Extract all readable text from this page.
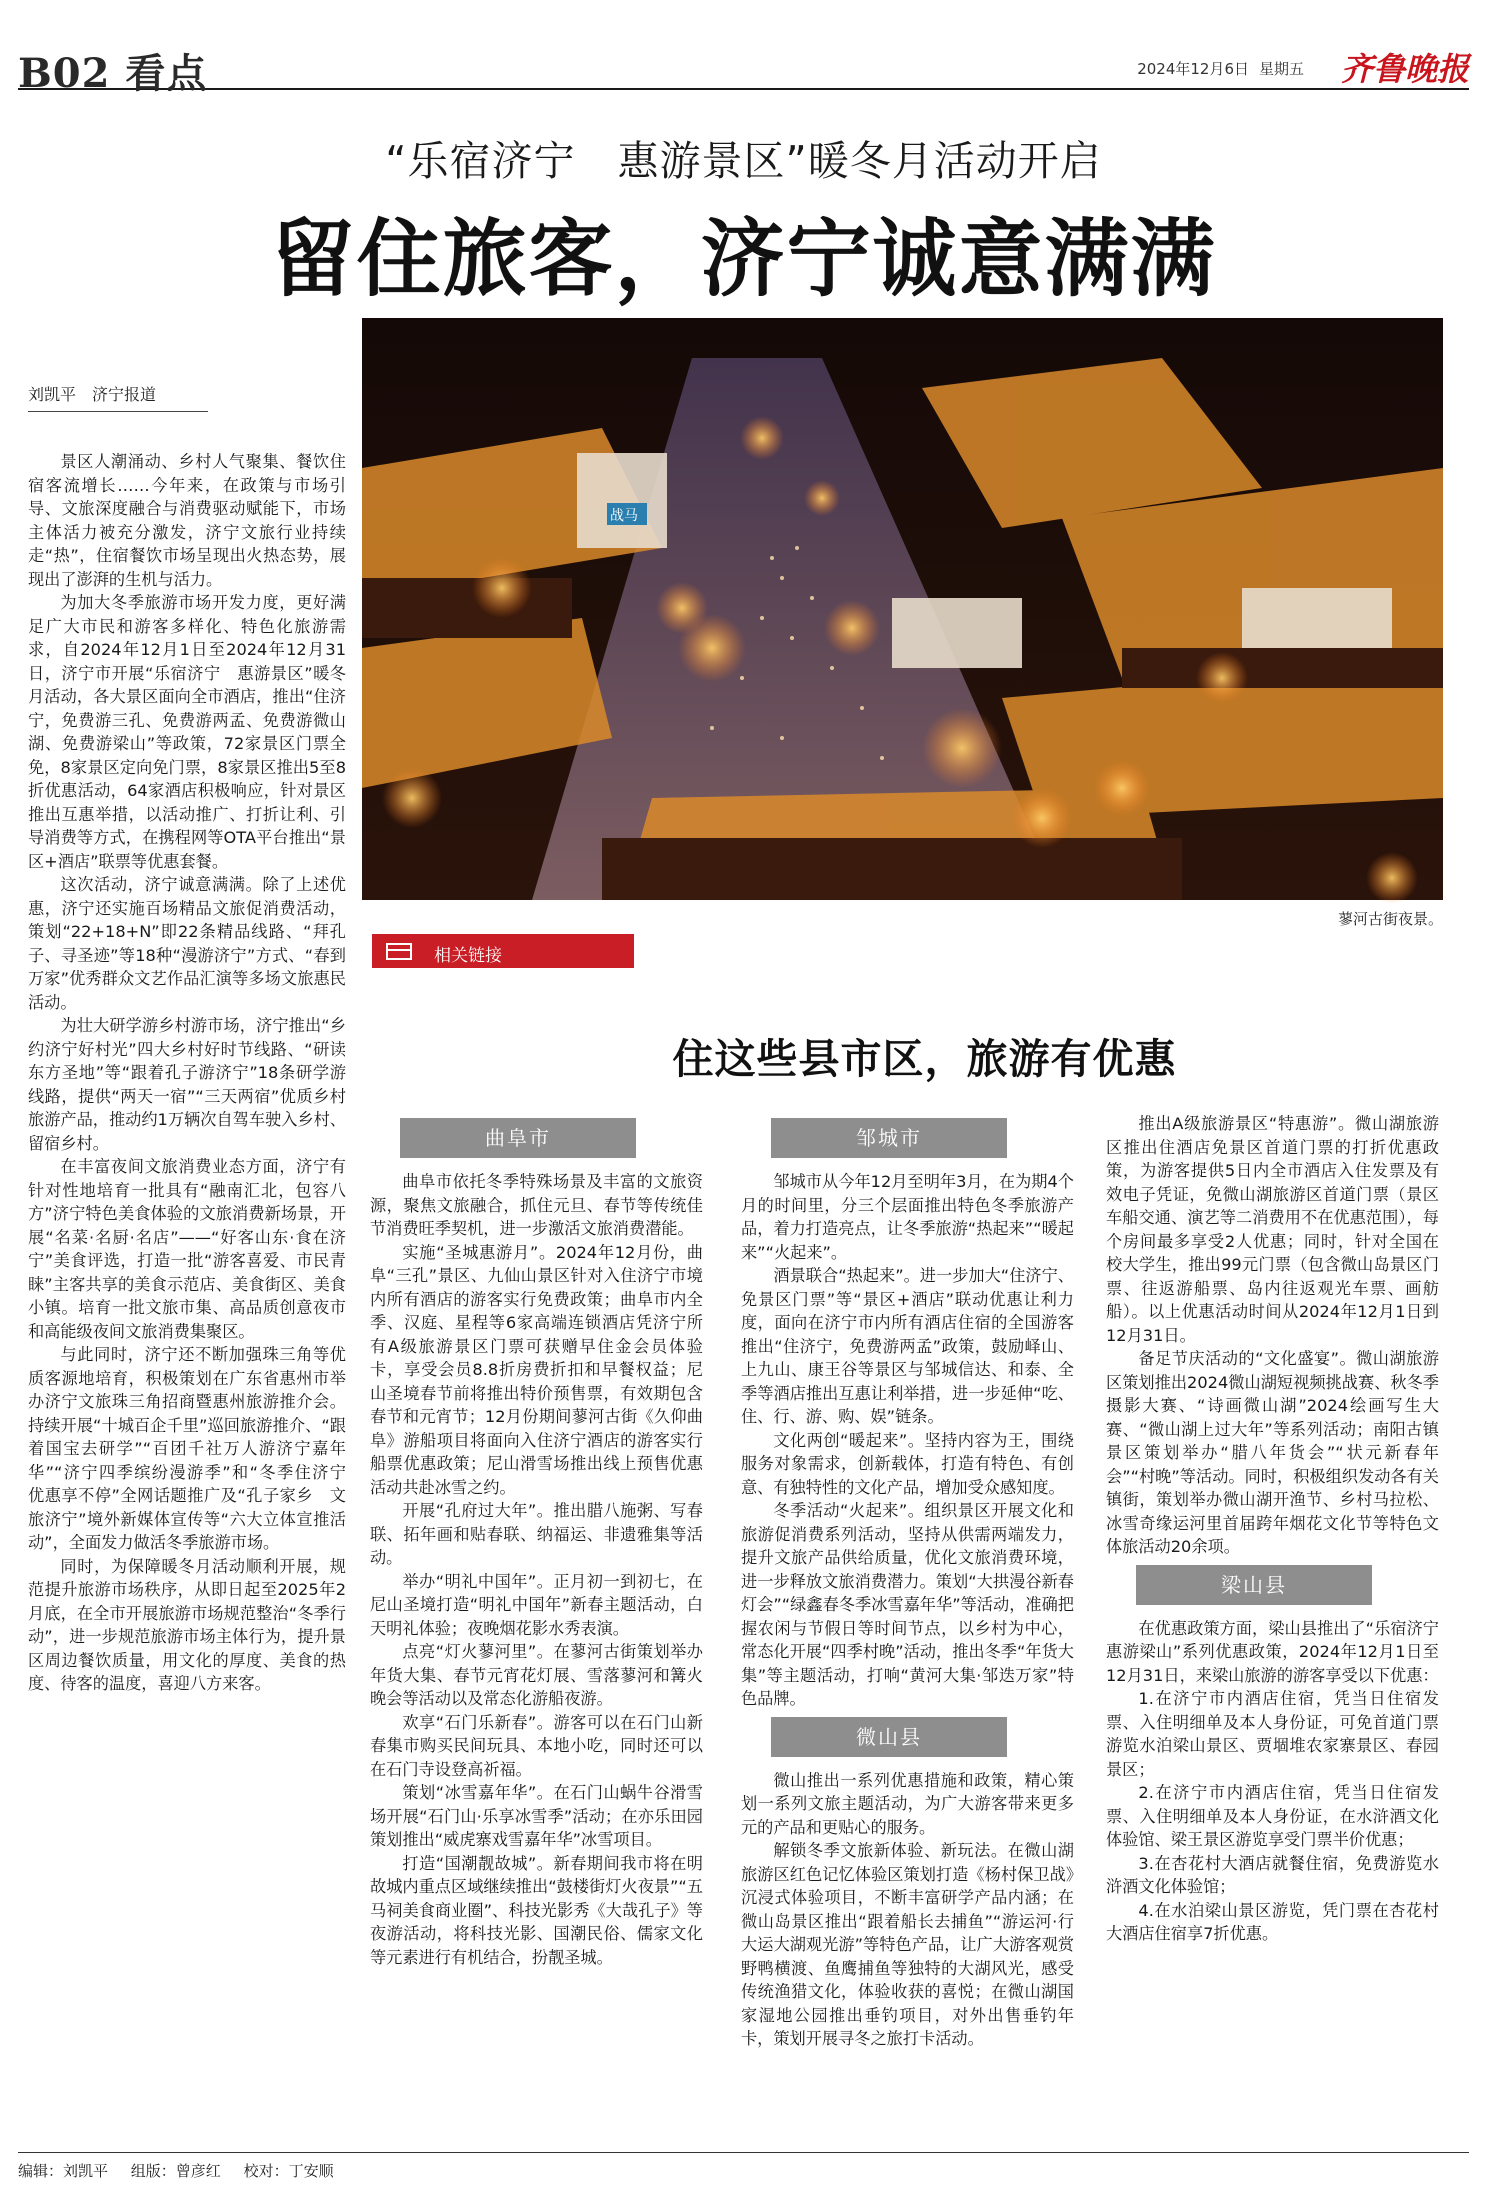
B02 看点	2024年12月6日 星期五 齐鲁晚报
“乐宿济宁　惠游景区”暖冬月活动开启
留住旅客，济宁诚意满满
刘凯平　济宁报道

景区人潮涌动、乡村人气聚集、餐饮住宿客流增长……今年来，在政策与市场引导、文旅深度融合与消费驱动赋能下，市场主体活力被充分激发，济宁文旅行业持续走“热”，住宿餐饮市场呈现出火热态势，展现出了澎湃的生机与活力。

为加大冬季旅游市场开发力度，更好满足广大市民和游客多样化、特色化旅游需求，自2024年12月1日至2024年12月31日，济宁市开展“乐宿济宁　惠游景区”暖冬月活动，各大景区面向全市酒店，推出“住济宁，免费游三孔、免费游两孟、免费游微山湖、免费游梁山”等政策，72家景区门票全免，8家景区定向免门票，8家景区推出5至8折优惠活动，64家酒店积极响应，针对景区推出互惠举措，以活动推广、打折让利、引导消费等方式，在携程网等OTA平台推出“景区+酒店”联票等优惠套餐。

这次活动，济宁诚意满满。除了上述优惠，济宁还实施百场精品文旅促消费活动，策划“22+18+N”即22条精品线路、“拜孔子、寻圣迹”等18种“漫游济宁”方式、“春到万家”优秀群众文艺作品汇演等多场文旅惠民活动。

为壮大研学游乡村游市场，济宁推出“乡约济宁好村光”四大乡村好时节线路、“研读东方圣地”等“跟着孔子游济宁”18条研学游线路，提供“两天一宿”“三天两宿”优质乡村旅游产品，推动约1万辆次自驾车驶入乡村、留宿乡村。

在丰富夜间文旅消费业态方面，济宁有针对性地培育一批具有“融南汇北，包容八方”济宁特色美食体验的文旅消费新场景，开展“名菜·名厨·名店”——“好客山东·食在济宁”美食评选，打造一批“游客喜爱、市民青睐”主客共享的美食示范店、美食街区、美食小镇。培育一批文旅市集、高品质创意夜市和高能级夜间文旅消费集聚区。

与此同时，济宁还不断加强珠三角等优质客源地培育，积极策划在广东省惠州市举办济宁文旅珠三角招商暨惠州旅游推介会。持续开展“十城百企千里”巡回旅游推介、“跟着国宝去研学”“百团千社万人游济宁嘉年华”“济宁四季缤纷漫游季”和“冬季住济宁　优惠享不停”全网话题推广及“孔子家乡　文旅济宁”境外新媒体宣传等“六大立体宣推活动”，全面发力做活冬季旅游市场。

同时，为保障暖冬月活动顺利开展，规范提升旅游市场秩序，从即日起至2025年2月底，在全市开展旅游市场规范整治“冬季行动”，进一步规范旅游市场主体行为，提升景区周边餐饮质量，用文化的厚度、美食的热度、待客的温度，喜迎八方来客。

战马
蓼河古街夜景。
相关链接
住这些县市区，旅游有优惠
曲阜市

曲阜市依托冬季特殊场景及丰富的文旅资源，聚焦文旅融合，抓住元旦、春节等传统佳节消费旺季契机，进一步激活文旅消费潜能。

实施“圣城惠游月”。2024年12月份，曲阜“三孔”景区、九仙山景区针对入住济宁市境内所有酒店的游客实行免费政策；曲阜市内全季、汉庭、星程等6家高端连锁酒店凭济宁所有A级旅游景区门票可获赠早住金会员体验卡，享受会员8.8折房费折扣和早餐权益；尼山圣境春节前将推出特价预售票，有效期包含春节和元宵节；12月份期间蓼河古街《久仰曲阜》游船项目将面向入住济宁酒店的游客实行船票优惠政策；尼山滑雪场推出线上预售优惠活动共赴冰雪之约。

开展“孔府过大年”。推出腊八施粥、写春联、拓年画和贴春联、纳福运、非遗雅集等活动。

举办“明礼中国年”。正月初一到初七，在尼山圣境打造“明礼中国年”新春主题活动，白天明礼体验；夜晚烟花影水秀表演。

点亮“灯火蓼河里”。在蓼河古街策划举办年货大集、春节元宵花灯展、雪落蓼河和篝火晚会等活动以及常态化游船夜游。

欢享“石门乐新春”。游客可以在石门山新春集市购买民间玩具、本地小吃，同时还可以在石门寺设登高祈福。

策划“冰雪嘉年华”。在石门山蜗牛谷滑雪场开展“石门山·乐享冰雪季”活动；在亦乐田园策划推出“威虎寨戏雪嘉年华”冰雪项目。

打造“国潮靓故城”。新春期间我市将在明故城内重点区域继续推出“鼓楼街灯火夜景”“五马祠美食商业圈”、科技光影秀《大哉孔子》等夜游活动，将科技光影、国潮民俗、儒家文化等元素进行有机结合，扮靓圣城。

邹城市

邹城市从今年12月至明年3月，在为期4个月的时间里，分三个层面推出特色冬季旅游产品，着力打造亮点，让冬季旅游“热起来”“暖起来”“火起来”。

酒景联合“热起来”。进一步加大“住济宁、免景区门票”等“景区+酒店”联动优惠让利力度，面向在济宁市内所有酒店住宿的全国游客推出“住济宁，免费游两孟”政策，鼓励峄山、上九山、康王谷等景区与邹城信达、和泰、全季等酒店推出互惠让利举措，进一步延伸“吃、住、行、游、购、娱”链条。

文化两创“暖起来”。坚持内容为王，围绕服务对象需求，创新载体，打造有特色、有创意、有独特性的文化产品，增加受众感知度。

冬季活动“火起来”。组织景区开展文化和旅游促消费系列活动，坚持从供需两端发力，提升文旅产品供给质量，优化文旅消费环境，进一步释放文旅消费潜力。策划“大拱漫谷新春灯会”“绿鑫春冬季冰雪嘉年华”等活动，准确把握农闲与节假日等时间节点，以乡村为中心，常态化开展“四季村晚”活动，推出冬季“年货大集”等主题活动，打响“黄河大集·邹迭万家”特色品牌。

微山县

微山推出一系列优惠措施和政策，精心策划一系列文旅主题活动，为广大游客带来更多元的产品和更贴心的服务。

解锁冬季文旅新体验、新玩法。在微山湖旅游区红色记忆体验区策划打造《杨村保卫战》沉浸式体验项目，不断丰富研学产品内涵；在微山岛景区推出“跟着船长去捕鱼”“游运河·行大运大湖观光游”等特色产品，让广大游客观赏野鸭横渡、鱼鹰捕鱼等独特的大湖风光，感受传统渔猎文化，体验收获的喜悦；在微山湖国家湿地公园推出垂钓项目，对外出售垂钓年卡，策划开展寻冬之旅打卡活动。

推出A级旅游景区“特惠游”。微山湖旅游区推出住酒店免景区首道门票的打折优惠政策，为游客提供5日内全市酒店入住发票及有效电子凭证，免微山湖旅游区首道门票（景区车船交通、演艺等二消费用不在优惠范围），每个房间最多享受2人优惠；同时，针对全国在校大学生，推出99元门票（包含微山岛景区门票、往返游船票、岛内往返观光车票、画舫船）。以上优惠活动时间从2024年12月1日到12月31日。

备足节庆活动的“文化盛宴”。微山湖旅游区策划推出2024微山湖短视频挑战赛、秋冬季摄影大赛、“诗画微山湖”2024绘画写生大赛、“微山湖上过大年”等系列活动；南阳古镇景区策划举办“腊八年货会”“状元新春年会”“村晚”等活动。同时，积极组织发动各有关镇街，策划举办微山湖开渔节、乡村马拉松、冰雪奇缘运河里首届跨年烟花文化节等特色文体旅活动20余项。

梁山县

在优惠政策方面，梁山县推出了“乐宿济宁　惠游梁山”系列优惠政策，2024年12月1日至12月31日，来梁山旅游的游客享受以下优惠：

1.在济宁市内酒店住宿，凭当日住宿发票、入住明细单及本人身份证，可免首道门票游览水泊梁山景区、贾堌堆农家寨景区、春园景区；

2.在济宁市内酒店住宿，凭当日住宿发票、入住明细单及本人身份证，在水浒酒文化体验馆、梁王景区游览享受门票半价优惠；

3.在杏花村大酒店就餐住宿，免费游览水浒酒文化体验馆；

4.在水泊梁山景区游览，凭门票在杏花村大酒店住宿享7折优惠。

编辑：刘凯平 组版：曾彦红 校对：丁安顺
